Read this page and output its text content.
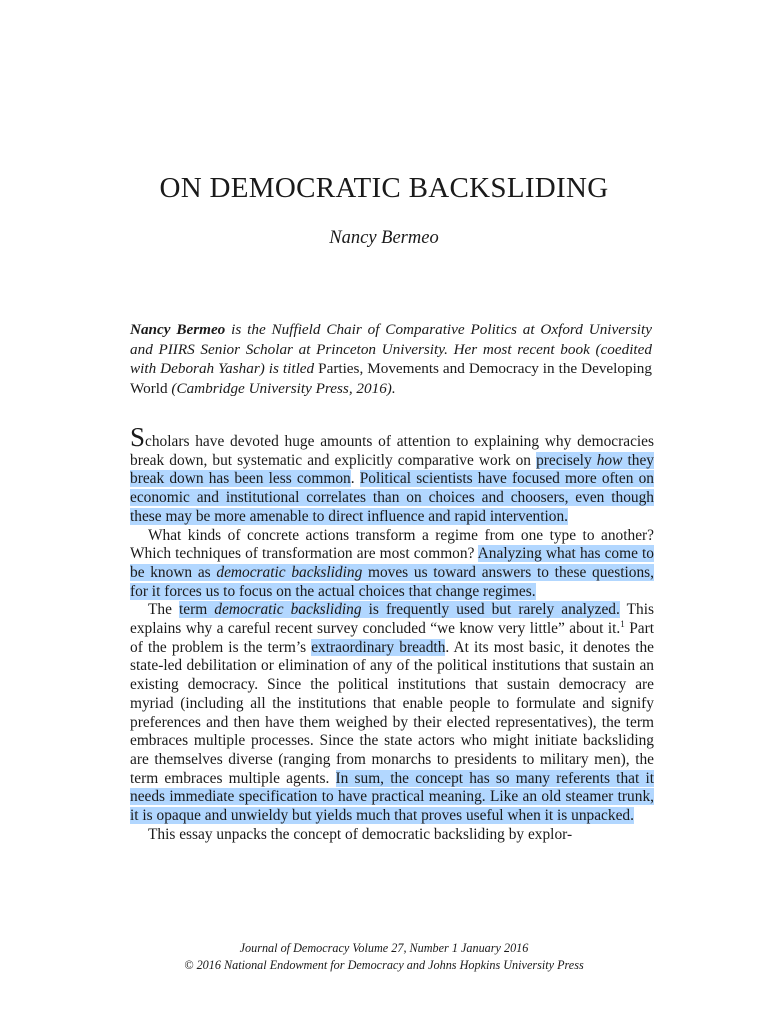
ON DEMOCRATIC BACKSLIDING
Nancy Bermeo
Nancy Bermeo is the Nuffield Chair of Comparative Politics at Oxford University and PIIRS Senior Scholar at Princeton University. Her most recent book (coedited with Deborah Yashar) is titled Parties, Movements and Democracy in the Developing World (Cambridge University Press, 2016).

Scholars have devoted huge amounts of attention to explaining why democracies break down, but systematic and explicitly comparative work on precisely how they break down has been less common. Political scientists have focused more often on economic and institutional correlates than on choices and choosers, even though these may be more amenable to direct influence and rapid intervention.

What kinds of concrete actions transform a regime from one type to another? Which techniques of transformation are most common? Analyzing what has come to be known as democratic backsliding moves us toward answers to these questions, for it forces us to focus on the actual choices that change regimes.

The term democratic backsliding is frequently used but rarely analyzed. This explains why a careful recent survey concluded “we know very little” about it.$^1$ Part of the problem is the term’s extraordinary breadth. At its most basic, it denotes the state-led debilitation or elimination of any of the political institutions that sustain an existing democracy. Since the political institutions that sustain democracy are myriad (including all the institutions that enable people to formulate and signify preferences and then have them weighed by their elected representatives), the term embraces multiple processes. Since the state actors who might initiate backsliding are themselves diverse (ranging from monarchs to presidents to military men), the term embraces multiple agents. In sum, the concept has so many referents that it needs immediate specification to have practical meaning. Like an old steamer trunk, it is opaque and unwieldy but yields much that proves useful when it is unpacked.

This essay unpacks the concept of democratic backsliding by explor-

Journal of Democracy Volume 27, Number 1 January 2016
© 2016 National Endowment for Democracy and Johns Hopkins University Press
